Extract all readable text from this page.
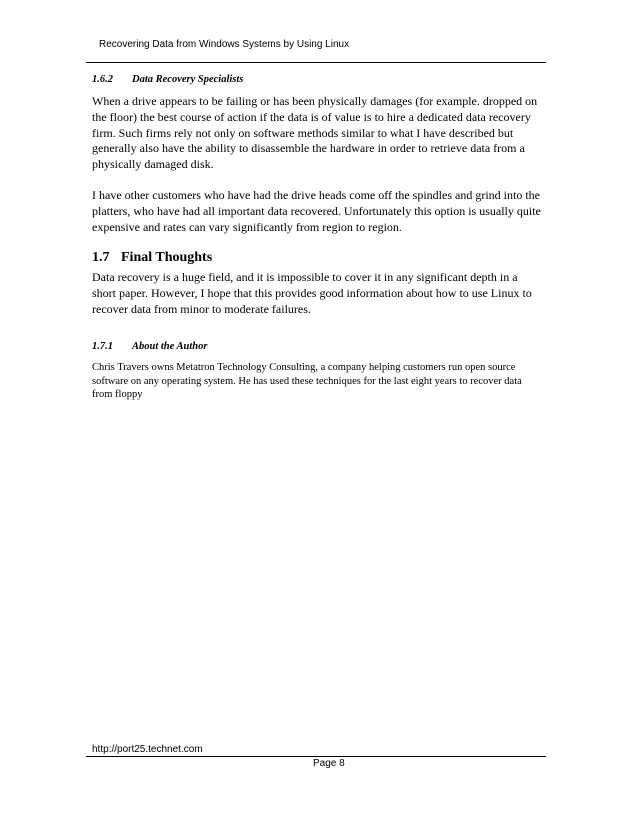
Recovering Data from Windows Systems by Using Linux
1.6.2 Data Recovery Specialists

When a drive appears to be failing or has been physically damages (for example. dropped on the floor) the best course of action if the data is of value is to hire a dedicated data recovery firm. Such firms rely not only on software methods similar to what I have described but generally also have the ability to disassemble the hardware in order to retrieve data from a physically damaged disk.

I have other customers who have had the drive heads come off the spindles and grind into the platters, who have had all important data recovered. Unfortunately this option is usually quite expensive and rates can vary significantly from region to region.

1.7 Final Thoughts

Data recovery is a huge field, and it is impossible to cover it in any significant depth in a short paper. However, I hope that this provides good information about how to use Linux to recover data from minor to moderate failures.

1.7.1 About the Author

Chris Travers owns Metatron Technology Consulting, a company helping customers run open source software on any operating system. He has used these techniques for the last eight years to recover data from floppy

http://port25.technet.com
Page 8
